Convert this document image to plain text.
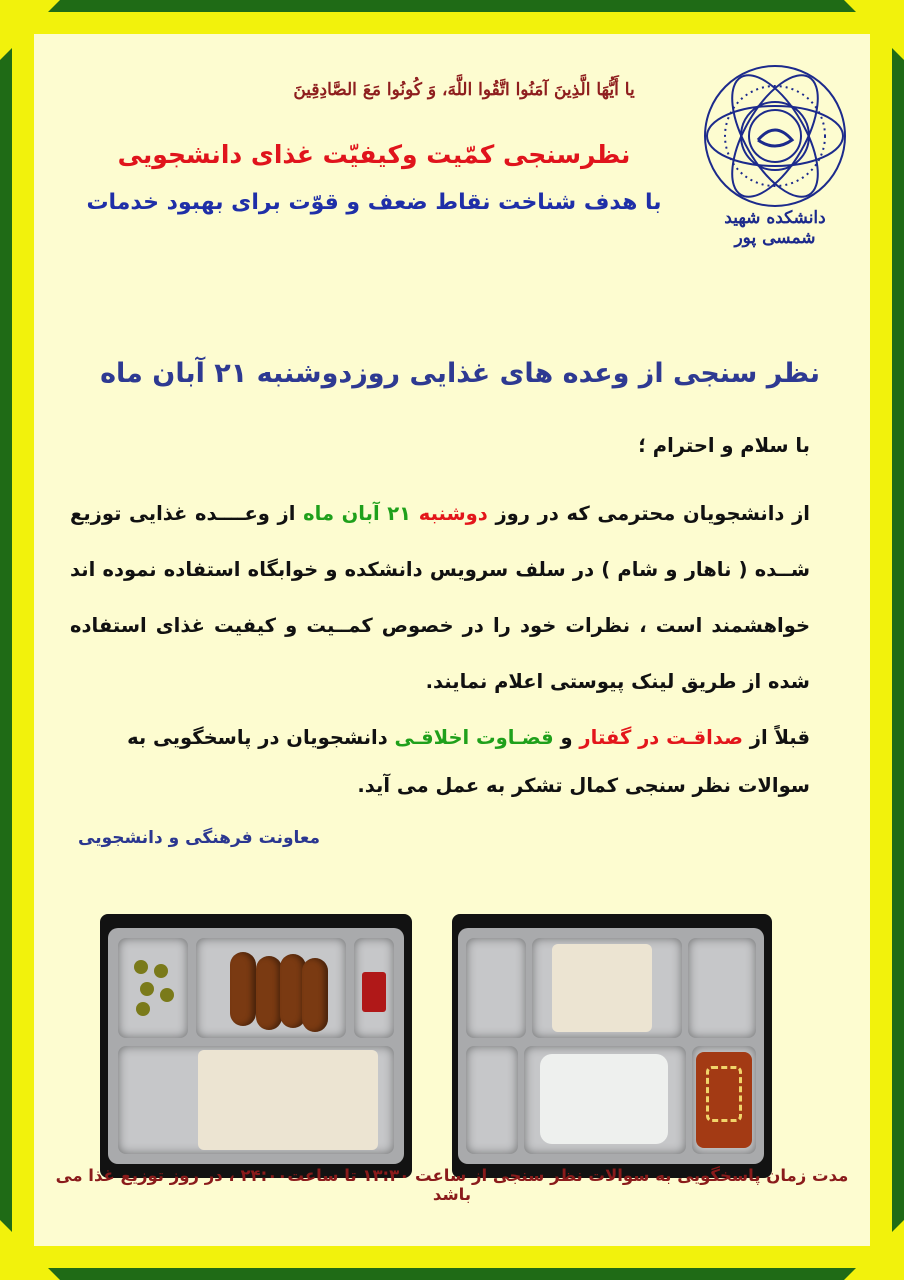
يا أَيُّهَا الَّذِينَ آمَنُوا اتَّقُوا اللَّهَ، وَ كُونُوا مَعَ الصَّادِقِينَ
نظرسنجی کمّیت وکیفیّت غذای دانشجویی
با هدف شناخت نقاط ضعف و قوّت برای بهبود خدمات
دانشکده شهید شمسی پور
نظر سنجی از وعده های غذایی روزدوشنبه ۲۱ آبان ماه
با سلام و احترام ؛
از دانشجویان محترمی که در روز دوشنبه ۲۱ آبان ماه از وعــــده غذایی توزیع شــده ( ناهار و شام ) در سلف سرویس دانشکده و خوابگاه استفاده نموده اند خواهشمند است ، نظرات خود را در خصوص کمــیت و کیفیت غذای استفاده شده از طریق لینک پیوستی اعلام نمایند.
قبلاً از صداقـت در گفتار و قضـاوت اخلاقـی دانشجویان در پاسخگویی به سوالات نظر سنجی کمال تشکر به عمل می آید.
معاونت فرهنگی و دانشجویی
مدت زمان پاسخگویی به سوالات نظر سنجی از ساعت ۱۳:۳۰ تا ساعت۲۴:۰۰ ، در روز توزیع غذا می باشد
